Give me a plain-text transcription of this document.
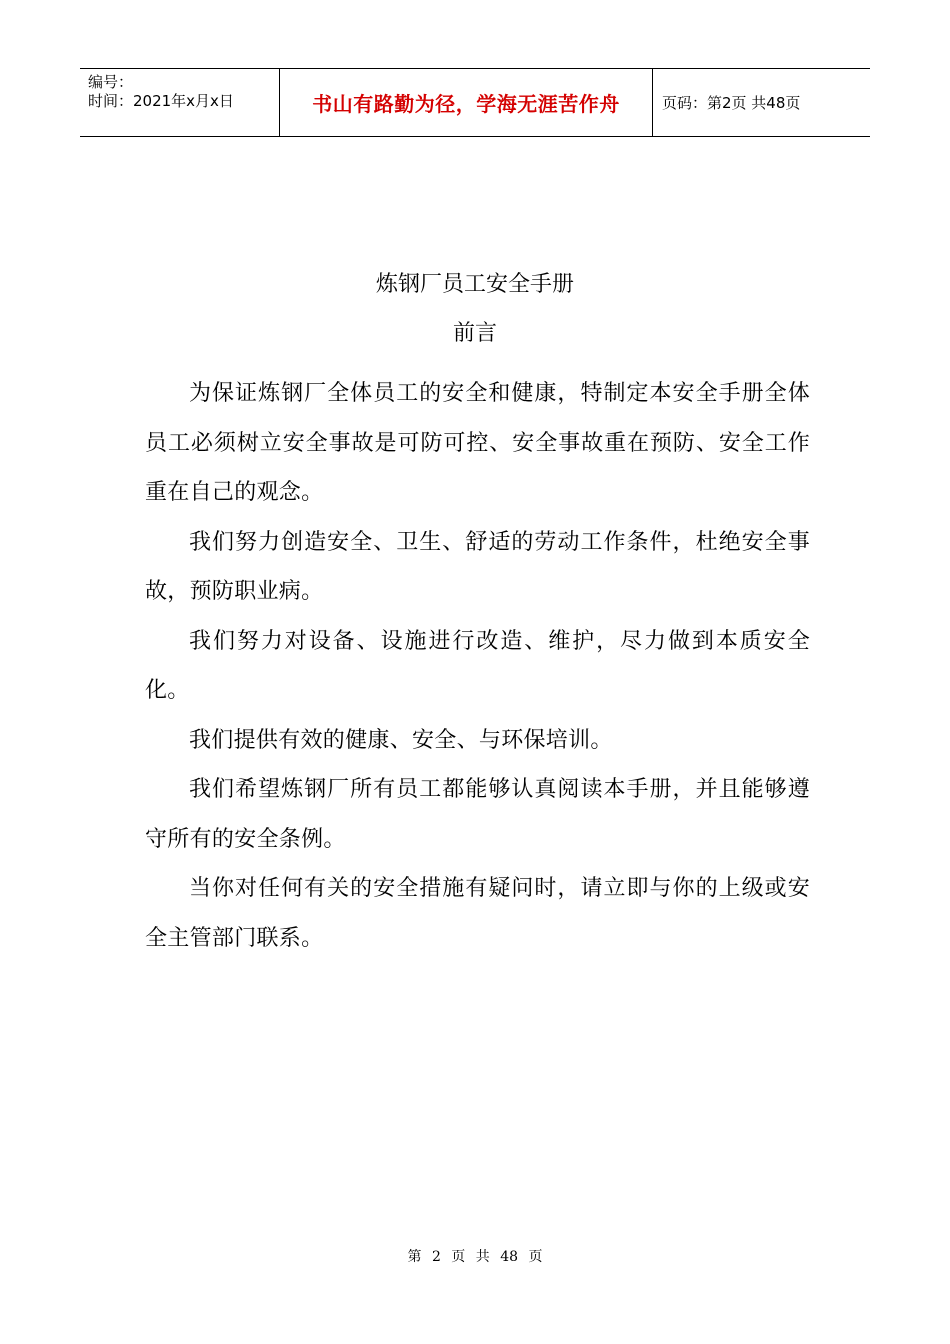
编号：
时间：2021年x月x日	书山有路勤为径，学海无涯苦作舟	页码：第2页 共48页
炼钢厂员工安全手册
前言

为保证炼钢厂全体员工的安全和健康，特制定本安全手册全体员工必须树立安全事故是可防可控、安全事故重在预防、安全工作重在自己的观念。

我们努力创造安全、卫生、舒适的劳动工作条件，杜绝安全事故，预防职业病。

我们努力对设备、设施进行改造、维护，尽力做到本质安全化。

我们提供有效的健康、安全、与环保培训。

我们希望炼钢厂所有员工都能够认真阅读本手册，并且能够遵守所有的安全条例。

当你对任何有关的安全措施有疑问时，请立即与你的上级或安全主管部门联系。

第 2 页 共 48 页
